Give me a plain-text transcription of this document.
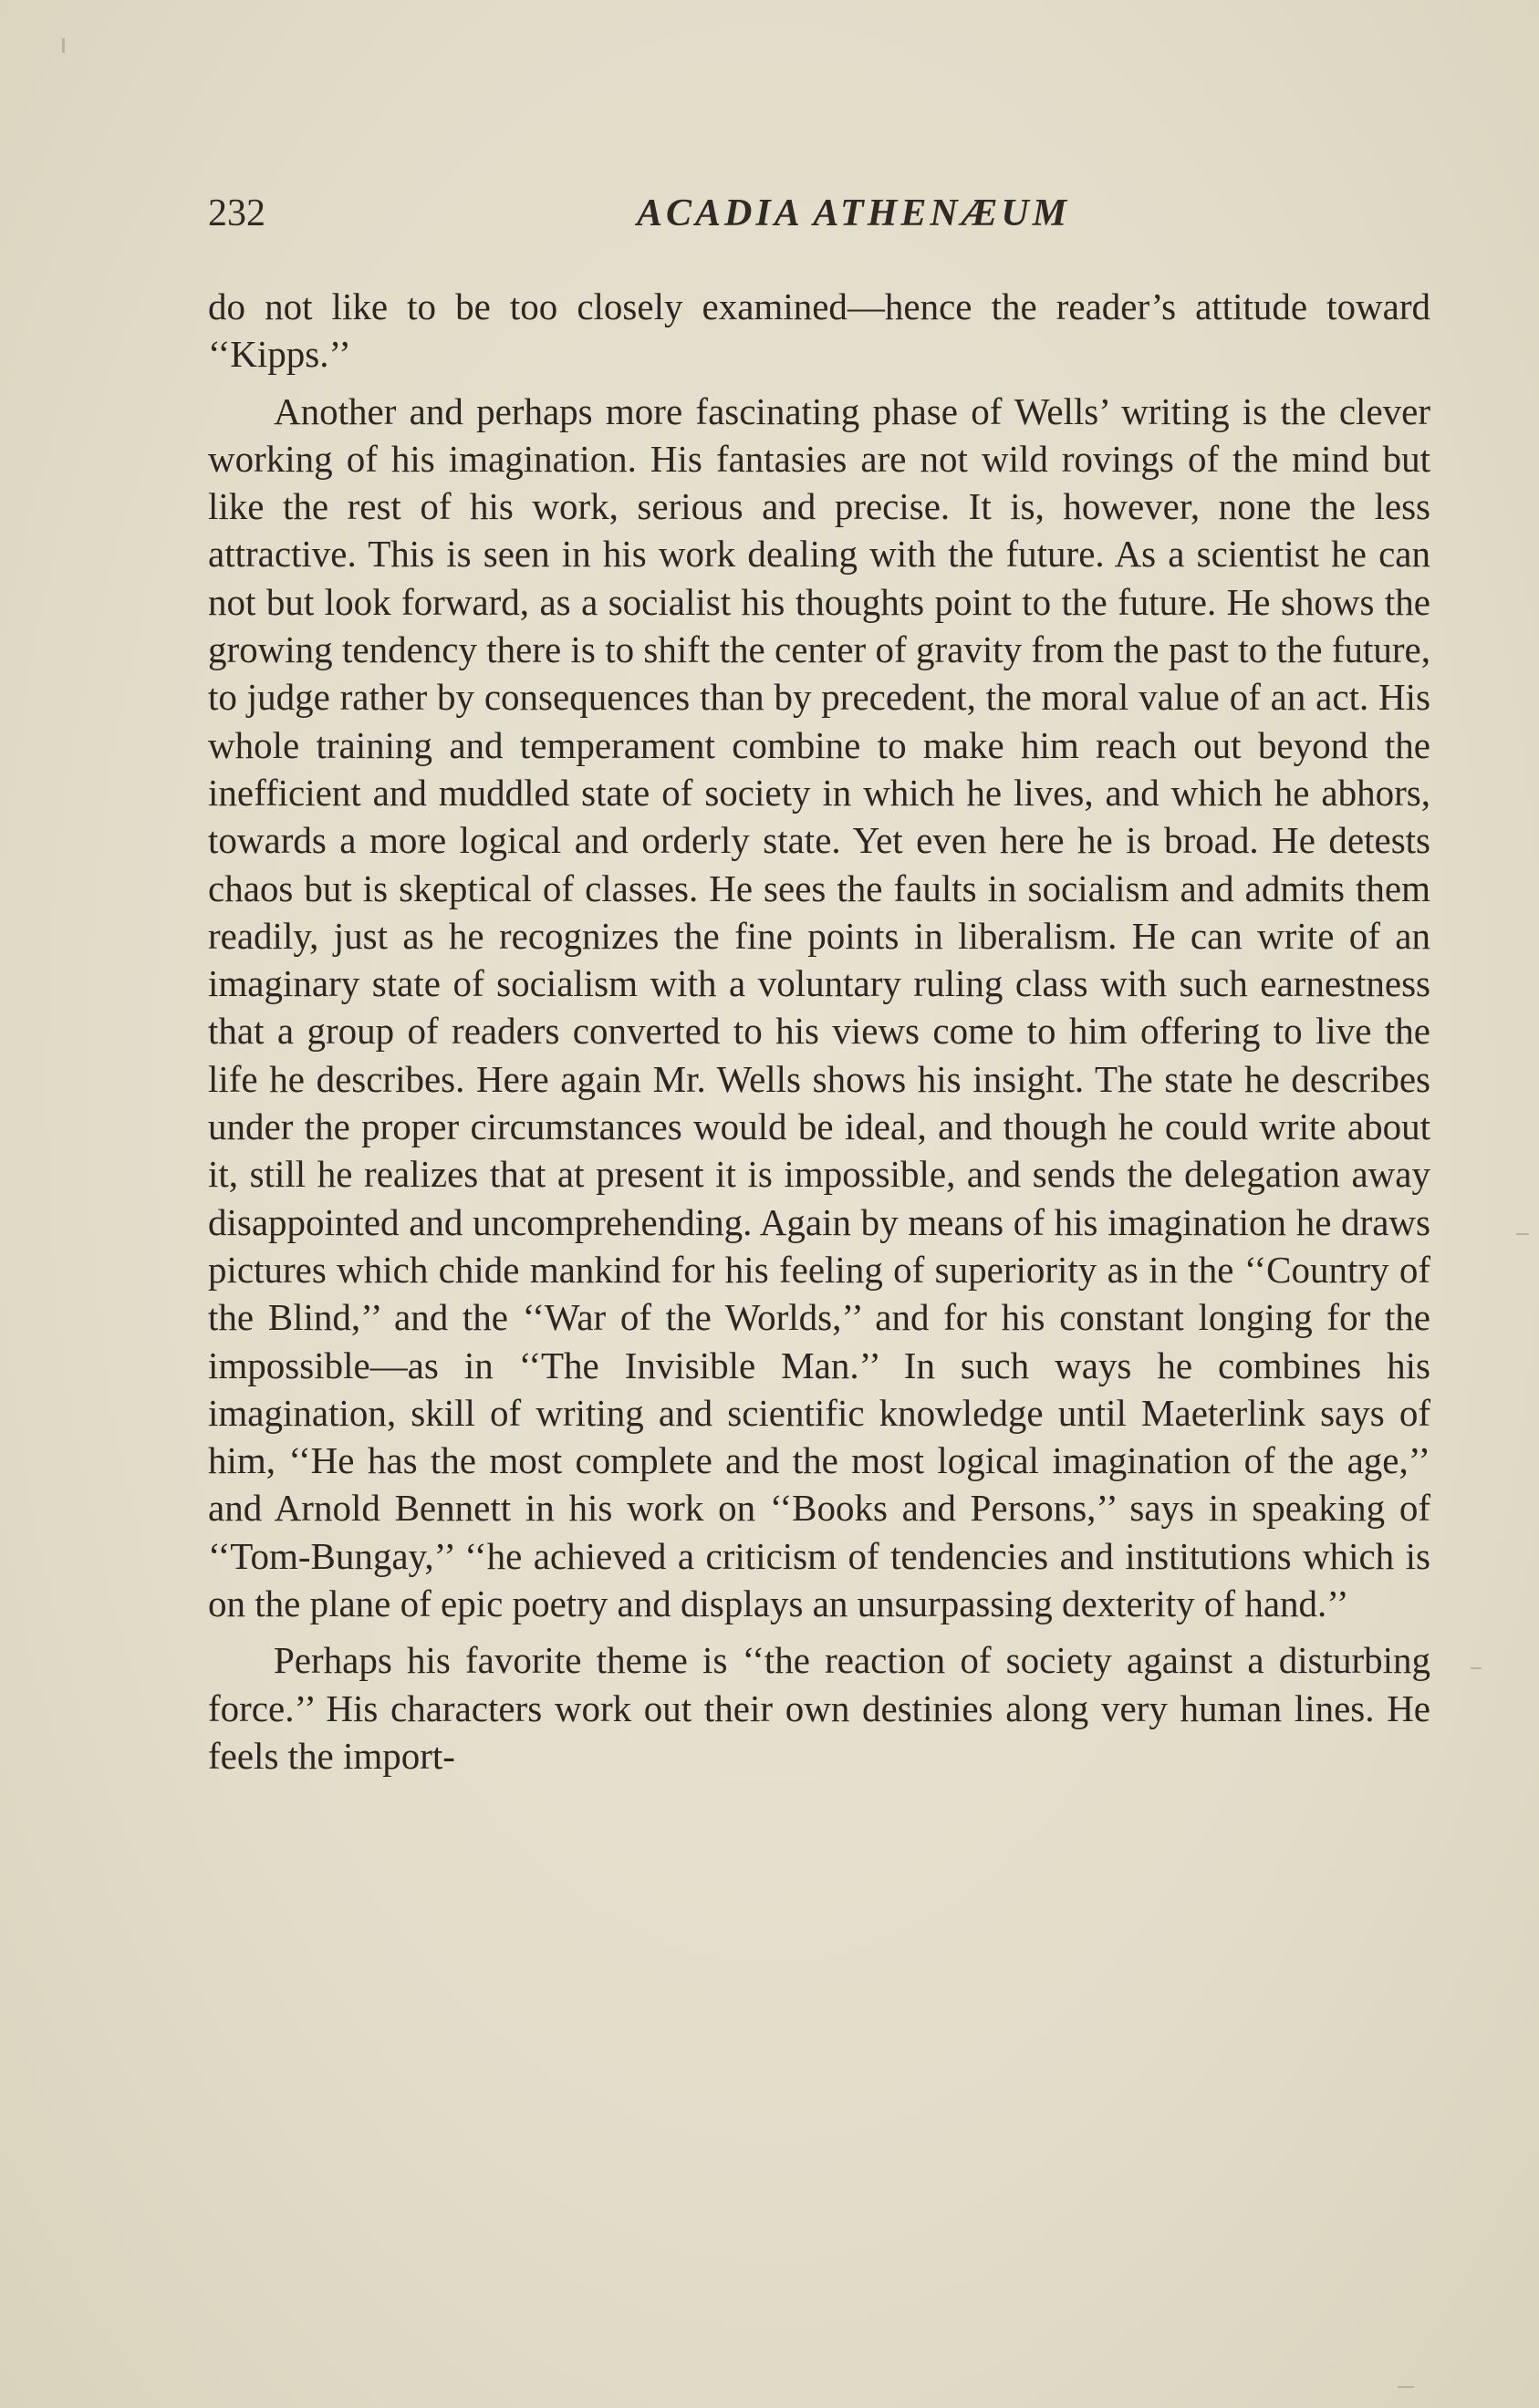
232	ACADIA ATHENÆUM

do not like to be too closely examined—hence the reader’s attitude toward ‘‘Kipps.’’

Another and perhaps more fascinating phase of Wells’ writing is the clever working of his imagination. His fantasies are not wild rovings of the mind but like the rest of his work, serious and precise. It is, however, none the less attractive. This is seen in his work dealing with the future. As a scientist he can not but look forward, as a socialist his thoughts point to the future. He shows the growing tendency there is to shift the center of gravity from the past to the future, to judge rather by consequences than by precedent, the moral value of an act. His whole training and temperament combine to make him reach out beyond the inefficient and muddled state of society in which he lives, and which he abhors, towards a more logical and orderly state. Yet even here he is broad. He detests chaos but is skeptical of classes. He sees the faults in socialism and admits them readily, just as he recognizes the fine points in liberalism. He can write of an imaginary state of socialism with a voluntary ruling class with such earnestness that a group of readers converted to his views come to him offering to live the life he describes. Here again Mr. Wells shows his insight. The state he describes under the proper circumstances would be ideal, and though he could write about it, still he realizes that at present it is impossible, and sends the delegation away disappointed and uncomprehending. Again by means of his imagination he draws pictures which chide mankind for his feeling of superiority as in the ‘‘Country of the Blind,’’ and the ‘‘War of the Worlds,’’ and for his constant longing for the impossible—as in ‘‘The Invisible Man.’’ In such ways he combines his imagination, skill of writing and scientific knowledge until Maeterlink says of him, ‘‘He has the most complete and the most logical imagination of the age,’’ and Arnold Bennett in his work on ‘‘Books and Persons,’’ says in speaking of ‘‘Tom-Bungay,’’ ‘‘he achieved a criticism of tendencies and institutions which is on the plane of epic poetry and displays an unsurpassing dexterity of hand.’’

Perhaps his favorite theme is ‘‘the reaction of society against a disturbing force.’’ His characters work out their own destinies along very human lines. He feels the import-
